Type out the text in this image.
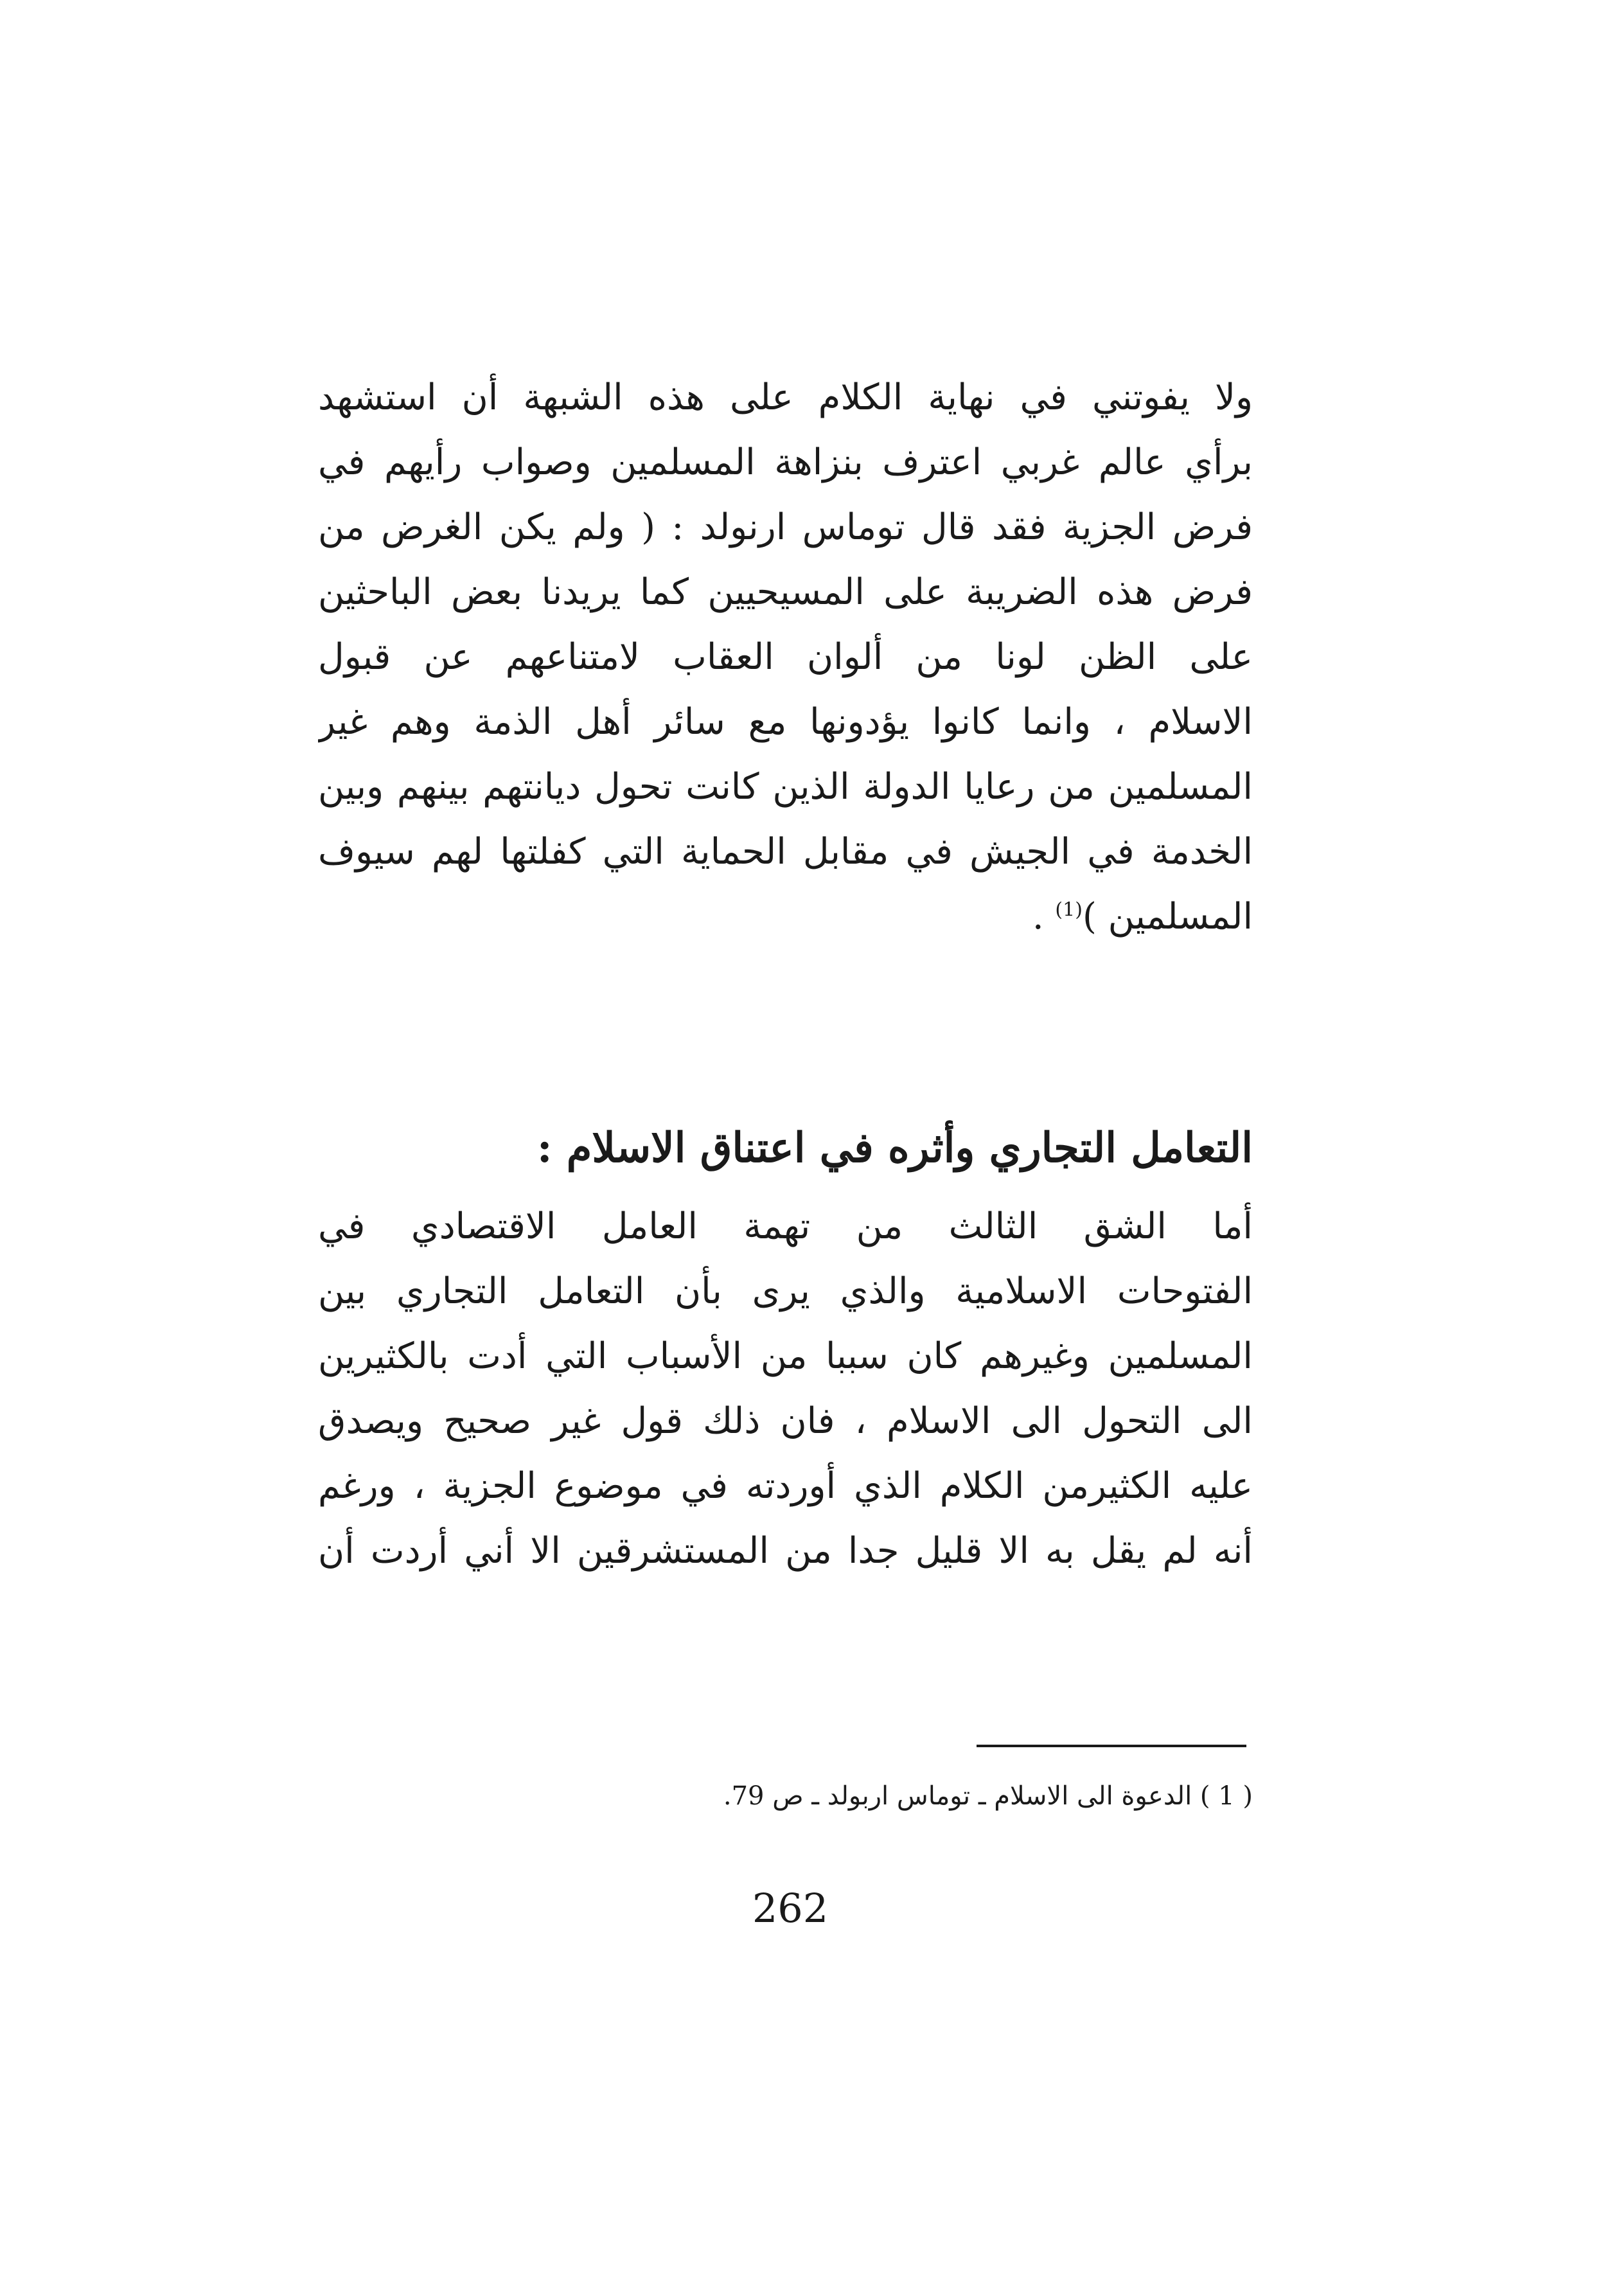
ولا يفوتني في نهاية الكلام على هذه الشبهة أن استشهد
برأي عالم غربي اعترف بنزاهة المسلمين وصواب رأيهم في
فرض الجزية فقد قال توماس ارنولد : ( ولم يكن الغرض من
فرض هذه الضريبة على المسيحيين كما يريدنا بعض الباحثين
على الظن لونا من ألوان العقاب لامتناعهم عن قبول
الاسلام ، وانما كانوا يؤدونها مع سائر أهل الذمة وهم غير
المسلمين من رعايا الدولة الذين كانت تحول ديانتهم بينهم وبين
الخدمة في الجيش في مقابل الحماية التي كفلتها لهم سيوف
المسلمين )$^{(1)}$ .
التعامل التجاري وأثره في اعتناق الاسلام :
أما الشق الثالث من تهمة العامل الاقتصادي في
الفتوحات الاسلامية والذي يرى بأن التعامل التجاري بين
المسلمين وغيرهم كان سببا من الأسباب التي أدت بالكثيرين
الى التحول الى الاسلام ، فان ذلك قول غير صحيح ويصدق
عليه الكثيرمن الكلام الذي أوردته في موضوع الجزية ، ورغم
أنه لم يقل به الا قليل جدا من المستشرقين الا أني أردت أن
( 1 ) الدعوة الى الاسلام ـ توماس اربولد ـ ص 79.
262
